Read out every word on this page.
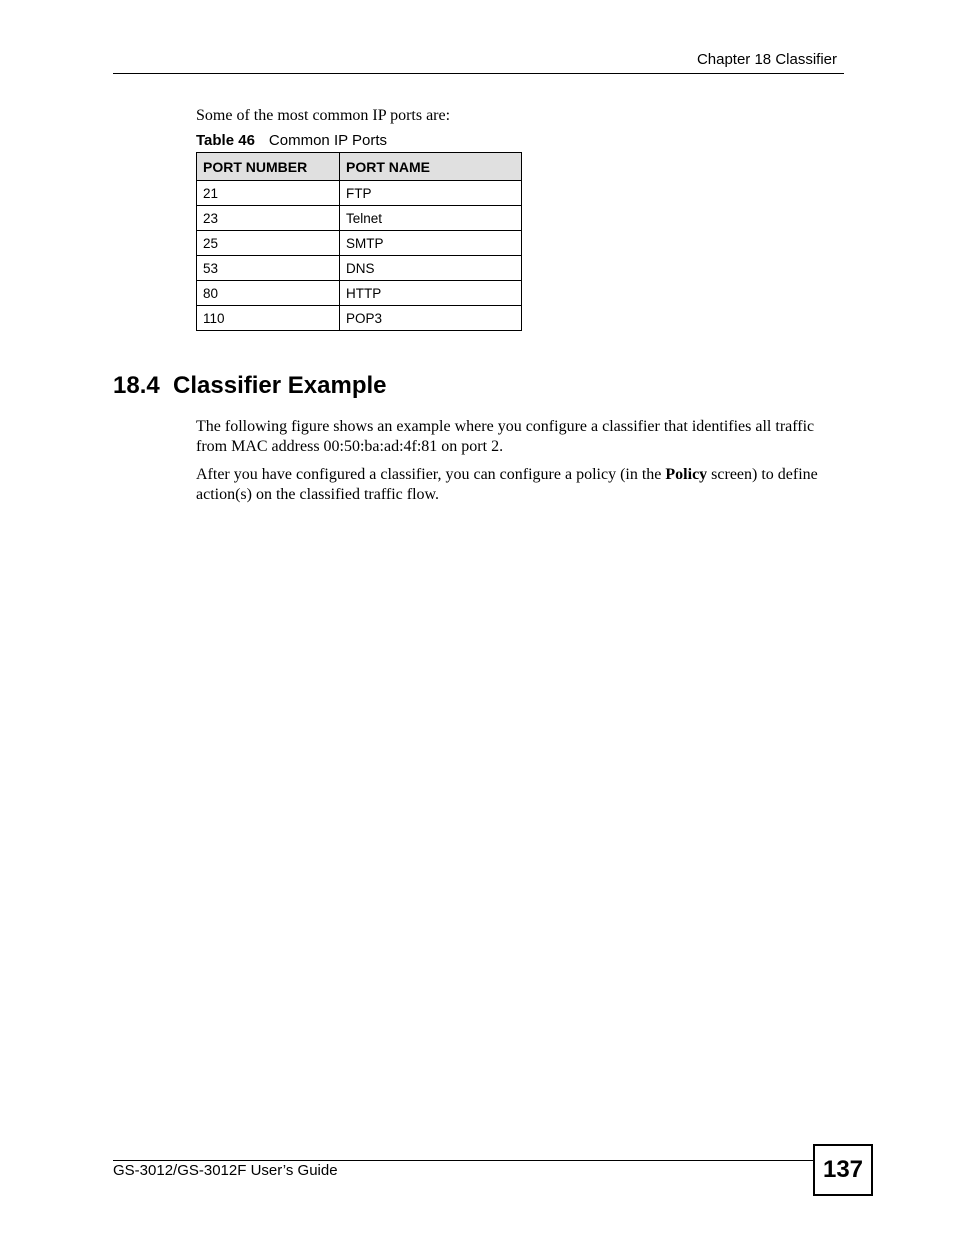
Chapter 18 Classifier
Some of the most common IP ports are:
Table 46 Common IP Ports
PORT NUMBER	PORT NAME
21	FTP
23	Telnet
25	SMTP
53	DNS
80	HTTP
110	POP3
18.4  Classifier Example

The following figure shows an example where you configure a classifier that identifies all traffic from MAC address 00:50:ba:ad:4f:81 on port 2.

After you have configured a classifier, you can configure a policy (in the Policy screen) to define action(s) on the classified traffic flow.

GS-3012/GS-3012F User’s Guide	137
